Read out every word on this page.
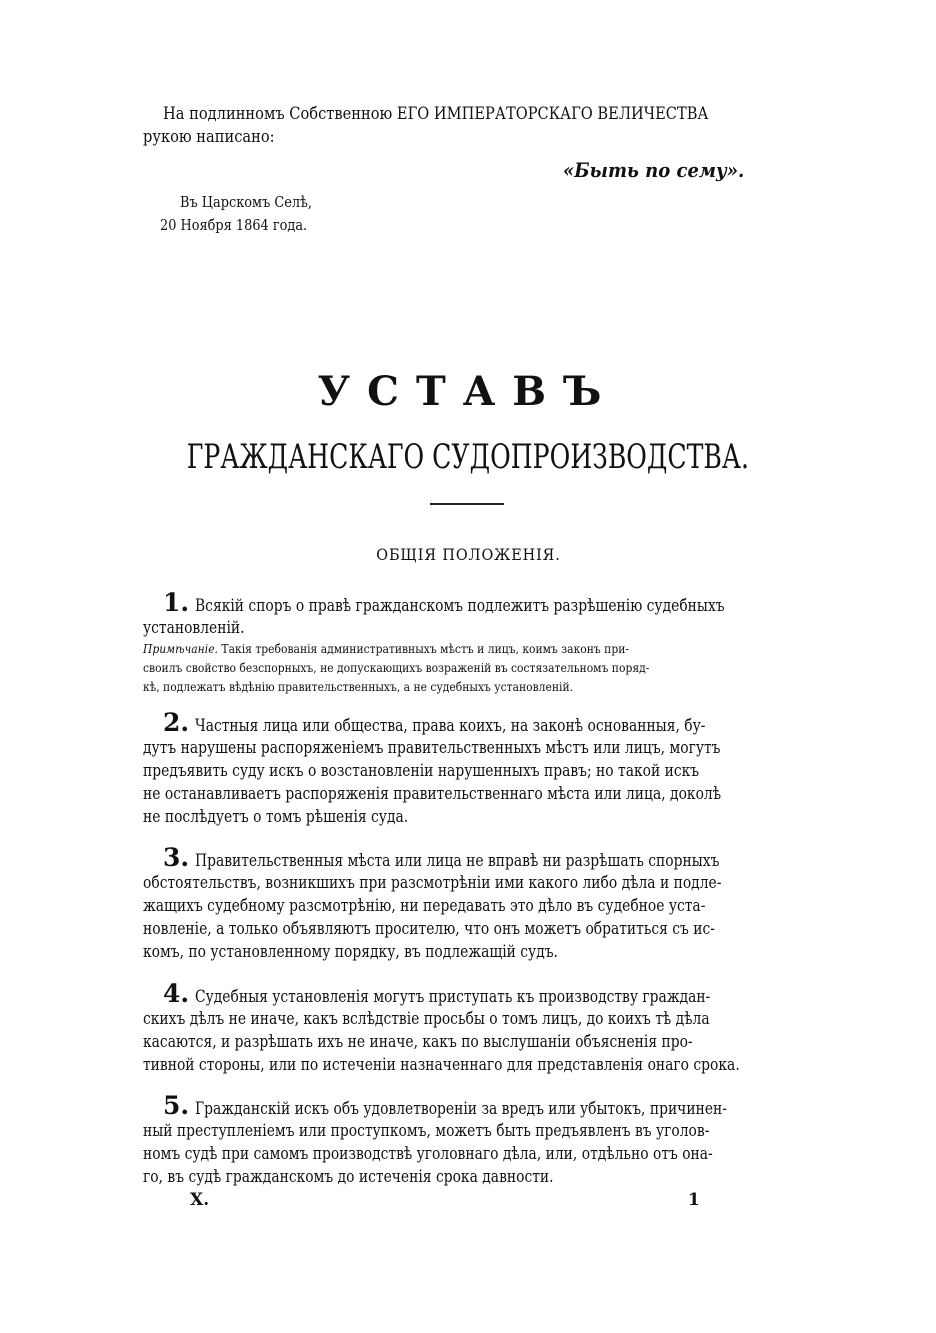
На подлинномъ Собственною ЕГО ИМПЕРАТОРСКАГО ВЕЛИЧЕСТВА
рукою написано:
«Быть по сему».
Въ Царскомъ Селѣ,
20 Ноября 1864 года.
УСТАВЪ
ГРАЖДАНСКАГО СУДОПРОИЗВОДСТВА.
ОБЩІЯ ПОЛОЖЕНІЯ.
1. Всякій споръ о правѣ гражданскомъ подлежитъ разрѣшенію судебныхъ
установленій.
Примѣчаніе. Такія требованія административныхъ мѣстъ и лицъ, коимъ законъ при-
своилъ свойство безспорныхъ, не допускающихъ возраженій въ состязательномъ поряд-
кѣ, подлежатъ вѣдѣнію правительственныхъ, а не судебныхъ установленій.
2. Частныя лица или общества, права коихъ, на законѣ основанныя, бу-
дутъ нарушены распоряженіемъ правительственныхъ мѣстъ или лицъ, могутъ
предъявить суду искъ о возстановленіи нарушенныхъ правъ; но такой искъ
не останавливаетъ распоряженія правительственнаго мѣста или лица, доколѣ
не послѣдуетъ о томъ рѣшенія суда.
3. Правительственныя мѣста или лица не вправѣ ни разрѣшать спорныхъ
обстоятельствъ, возникшихъ при разсмотрѣніи ими какого либо дѣла и подле-
жащихъ судебному разсмотрѣнію, ни передавать это дѣло въ судебное уста-
новленіе, а только объявляютъ просителю, что онъ можетъ обратиться съ ис-
комъ, по установленному порядку, въ подлежащій судъ.
4. Судебныя установленія могутъ приступать къ производству граждан-
скихъ дѣлъ не иначе, какъ вслѣдствіе просьбы о томъ лицъ, до коихъ тѣ дѣла
касаются, и разрѣшать ихъ не иначе, какъ по выслушаніи объясненія про-
тивной стороны, или по истеченіи назначеннаго для представленія онаго срока.
5. Гражданскій искъ объ удовлетвореніи за вредъ или убытокъ, причинен-
ный преступленіемъ или проступкомъ, можетъ быть предъявленъ въ уголов-
номъ судѣ при самомъ производствѣ уголовнаго дѣла, или, отдѣльно отъ она-
го, въ судѣ гражданскомъ до истеченія срока давности.
X.	1
